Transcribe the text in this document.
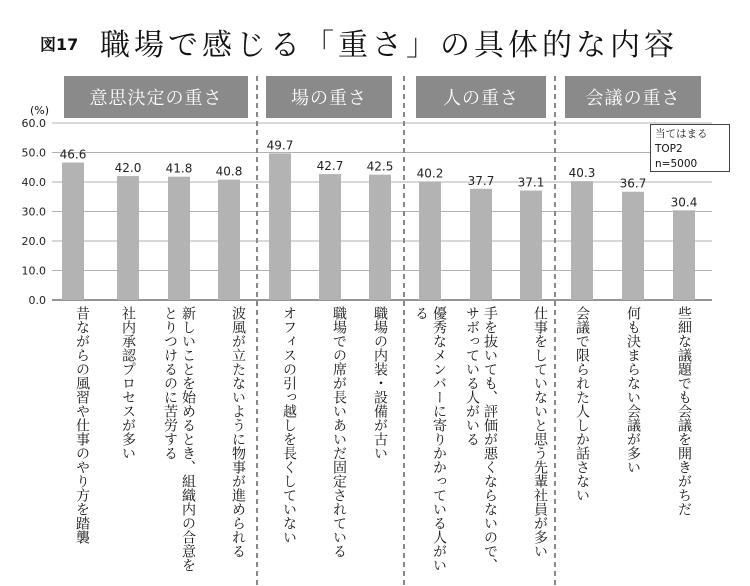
図17 職場で感じる「重さ」の具体的な内容
意思決定の重さ	場の重さ	人の重さ	会議の重さ
(%)
0.0
10.0
20.0
30.0
40.0
50.0
60.0
46.6
42.0 41.8 40.8
49.7
42.7 42.5 40.2
37.7 37.1
40.3
36.7
30.4
当てはまる
TOP2
n=5000
昔ながらの風習や仕事のやり方を踏襲 社内承認プロセスが多い	新しいことを始めるとき、組織内の合意をとりつけるのに苦労する	波風が立たないように物事が進められる	オフィスの引っ越しを長くしていない	職場での席が長いあいだ固定されている 職場の内装・設備が古い	優秀なメンバーに寄りかかっている人がいる	手を抜いても、評価が悪くならないので、サボっている人がいる	仕事をしていないと思う先輩社員が多い 会議で限られた人しか話さない	何も決まらない会議が多い	些細な議題でも会議を開きがちだ
